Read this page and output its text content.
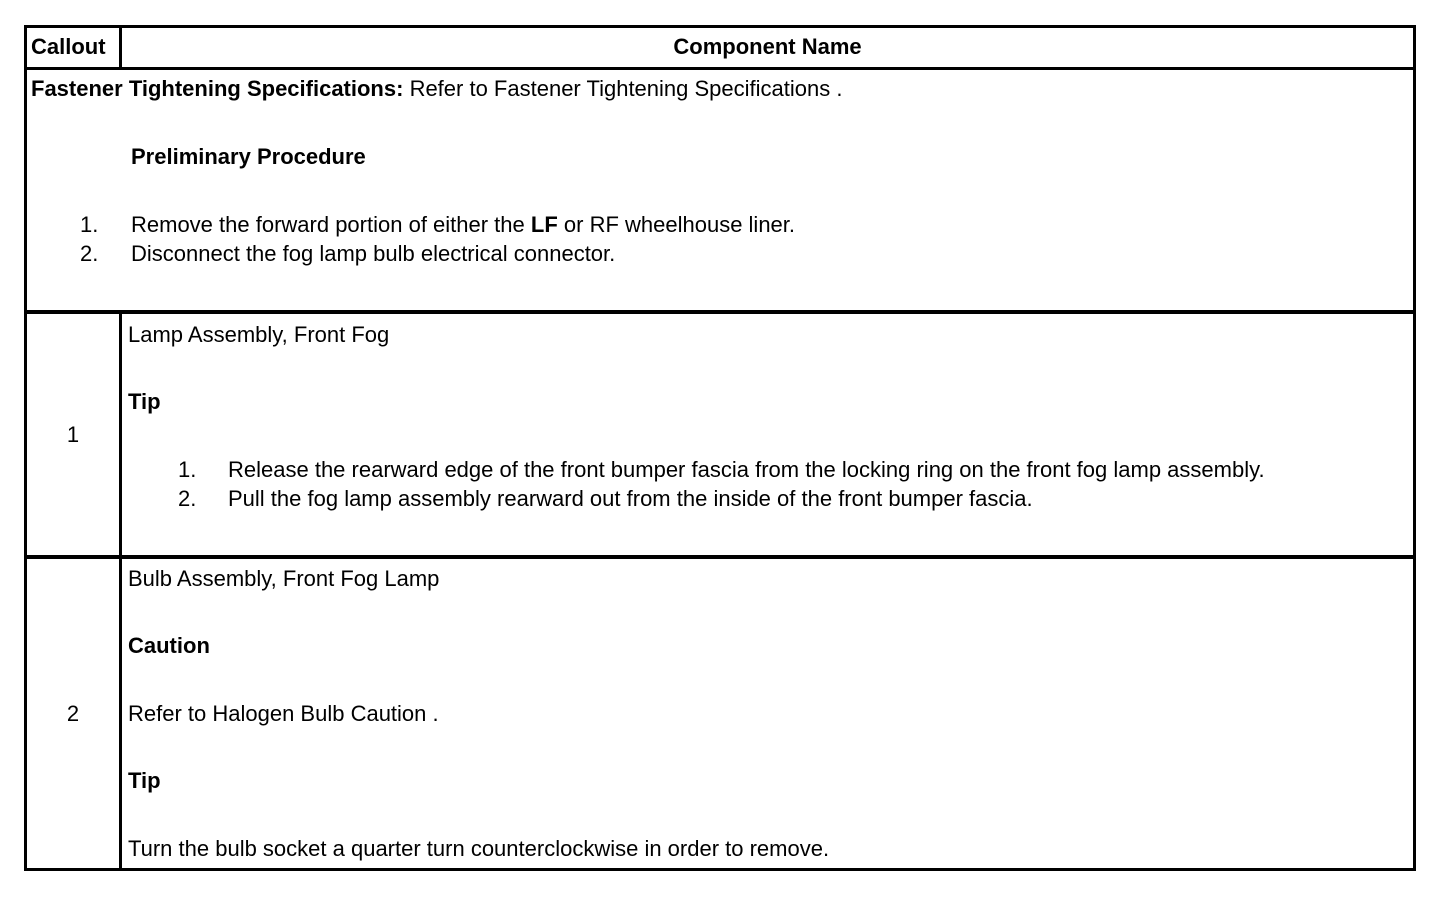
Callout	Component Name
Fastener Tightening Specifications: Refer to Fastener Tightening Specifications .
Preliminary Procedure
1. Remove the forward portion of either the LF or RF wheelhouse liner.
2. Disconnect the fog lamp bulb electrical connector.
1
Lamp Assembly, Front Fog
Tip
1. Release the rearward edge of the front bumper fascia from the locking ring on the front fog lamp assembly.
2. Pull the fog lamp assembly rearward out from the inside of the front bumper fascia.
2
Bulb Assembly, Front Fog Lamp
Caution
Refer to Halogen Bulb Caution .
Tip
Turn the bulb socket a quarter turn counterclockwise in order to remove.
